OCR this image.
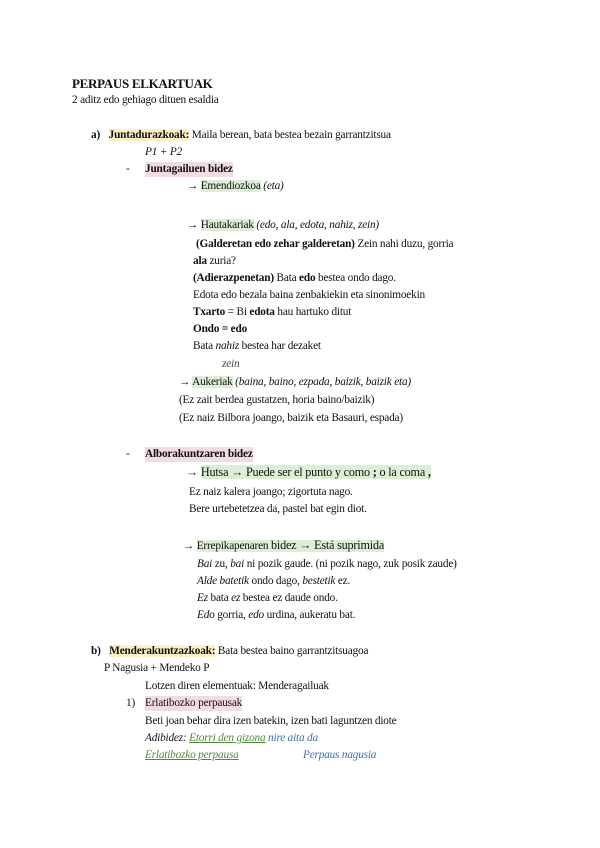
PERPAUS ELKARTUAK
2 aditz edo gehiago dituen esaldia
a) Juntadurazkoak: Maila berean, bata bestea bezain garrantzitsua
P1 + P2
- Juntagailuen bidez
→ Emendiozkoa (eta)
→ Hautakariak (edo, ala, edota, nahiz, zein)
(Galderetan edo zehar galderetan) Zein nahi duzu, gorria
ala zuria?
(Adierazpenetan) Bata edo bestea ondo dago.
Edota edo bezala baina zenbakiekin eta sinonimoekin
Txarto = Bi edota hau hartuko ditut
Ondo = edo
Bata nahiz bestea har dezaket
zein
→ Aukeriak (baina, baino, ezpada, baizik, baizik eta)
(Ez zait berdea gustatzen, horia baino/baizik)
(Ez naiz Bilbora joango, baizik eta Basauri, espada)
- Alborakuntzaren bidez
→ Hutsa → Puede ser el punto y como ; o la coma ,
Ez naiz kalera joango; zigortuta nago.
Bere urtebetetzea da, pastel bat egin diot.
→ Errepikapenaren bidez → Está suprimida
Bai zu, bai ni pozik gaude. (ni pozik nago, zuk posik zaude)
Alde batetik ondo dago, bestetik ez.
Ez bata ez bestea ez daude ondo.
Edo gorria, edo urdina, aukeratu bat.
b) Menderakuntzazkoak: Bata bestea baino garrantzitsuagoa
P Nagusia + Mendeko P
Lotzen diren elementuak: Menderagailuak
1) Erlatibozko perpausak
Beti joan behar dira izen batekin, izen bati laguntzen diote
Adibidez: Etorri den gizona nire aita da
Erlatibozko perpausa	Perpaus nagusia
